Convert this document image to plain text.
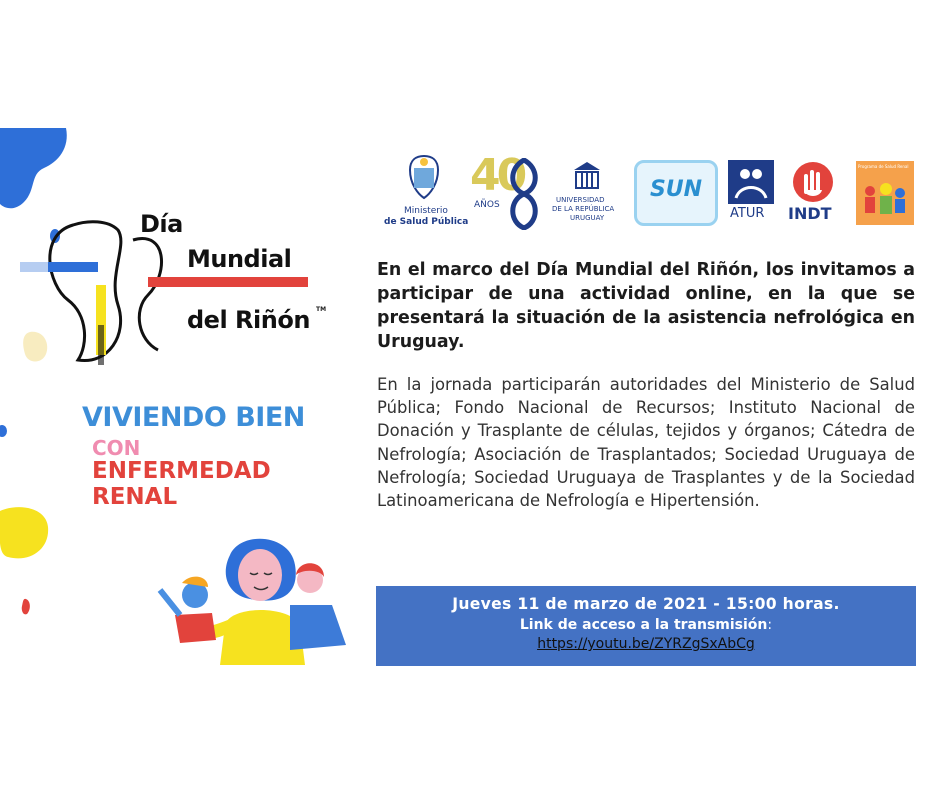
Día
Mundial
del Riñón TM
VIVIENDO BIEN
CON
ENFERMEDAD
RENAL
Ministerio
de Salud Pública
40
AÑOS	UNIVERSIDAD
DE LA REPÚBLICA
URUGUAY
SUN
ATUR INDT
Programa de Salud Renal
En el marco del Día Mundial del Riñón, los invitamos a participar de una actividad online, en la que se presentará la situación de la asistencia nefrológica en Uruguay.
En la jornada participarán autoridades del Ministerio de Salud Pública; Fondo Nacional de Recursos; Instituto Nacional de Donación y Trasplante de células, tejidos y órganos; Cátedra de Nefrología; Asociación de Trasplantados; Sociedad Uruguaya de Nefrología; Sociedad Uruguaya de Trasplantes y de la Sociedad Latinoamericana de Nefrología e Hipertensión.
Jueves 11 de marzo de 2021 - 15:00 horas.
Link de acceso a la transmisión:
https://youtu.be/ZYRZgSxAbCg
